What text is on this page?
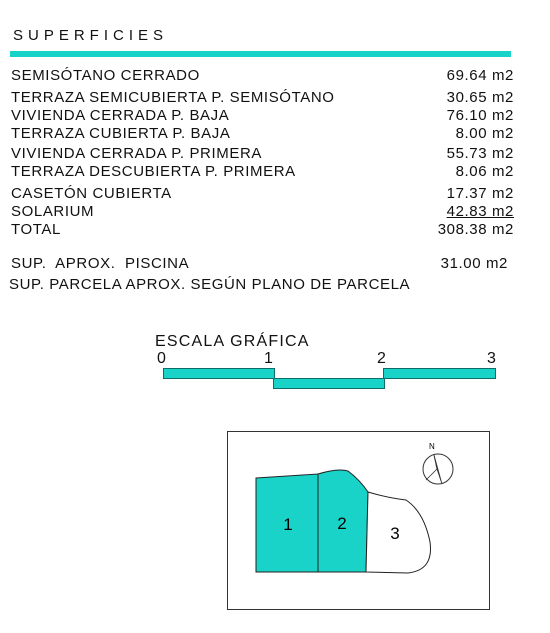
SUPERFICIES
SEMISÓTANO CERRADO	69.64 m2
TERRAZA SEMICUBIERTA P. SEMISÓTANO	30.65 m2
VIVIENDA CERRADA P. BAJA	76.10 m2
TERRAZA CUBIERTA P. BAJA	8.00 m2
VIVIENDA CERRADA P. PRIMERA	55.73 m2
TERRAZA DESCUBIERTA P. PRIMERA	8.06 m2
CASETÓN CUBIERTA	17.37 m2
SOLARIUM	42.83 m2
TOTAL	308.38 m2
SUP.  APROX.  PISCINA	31.00 m2
SUP. PARCELA APROX. SEGÚN PLANO DE PARCELA
ESCALA GRÁFICA
0	1	2	3
1	2
3
N
